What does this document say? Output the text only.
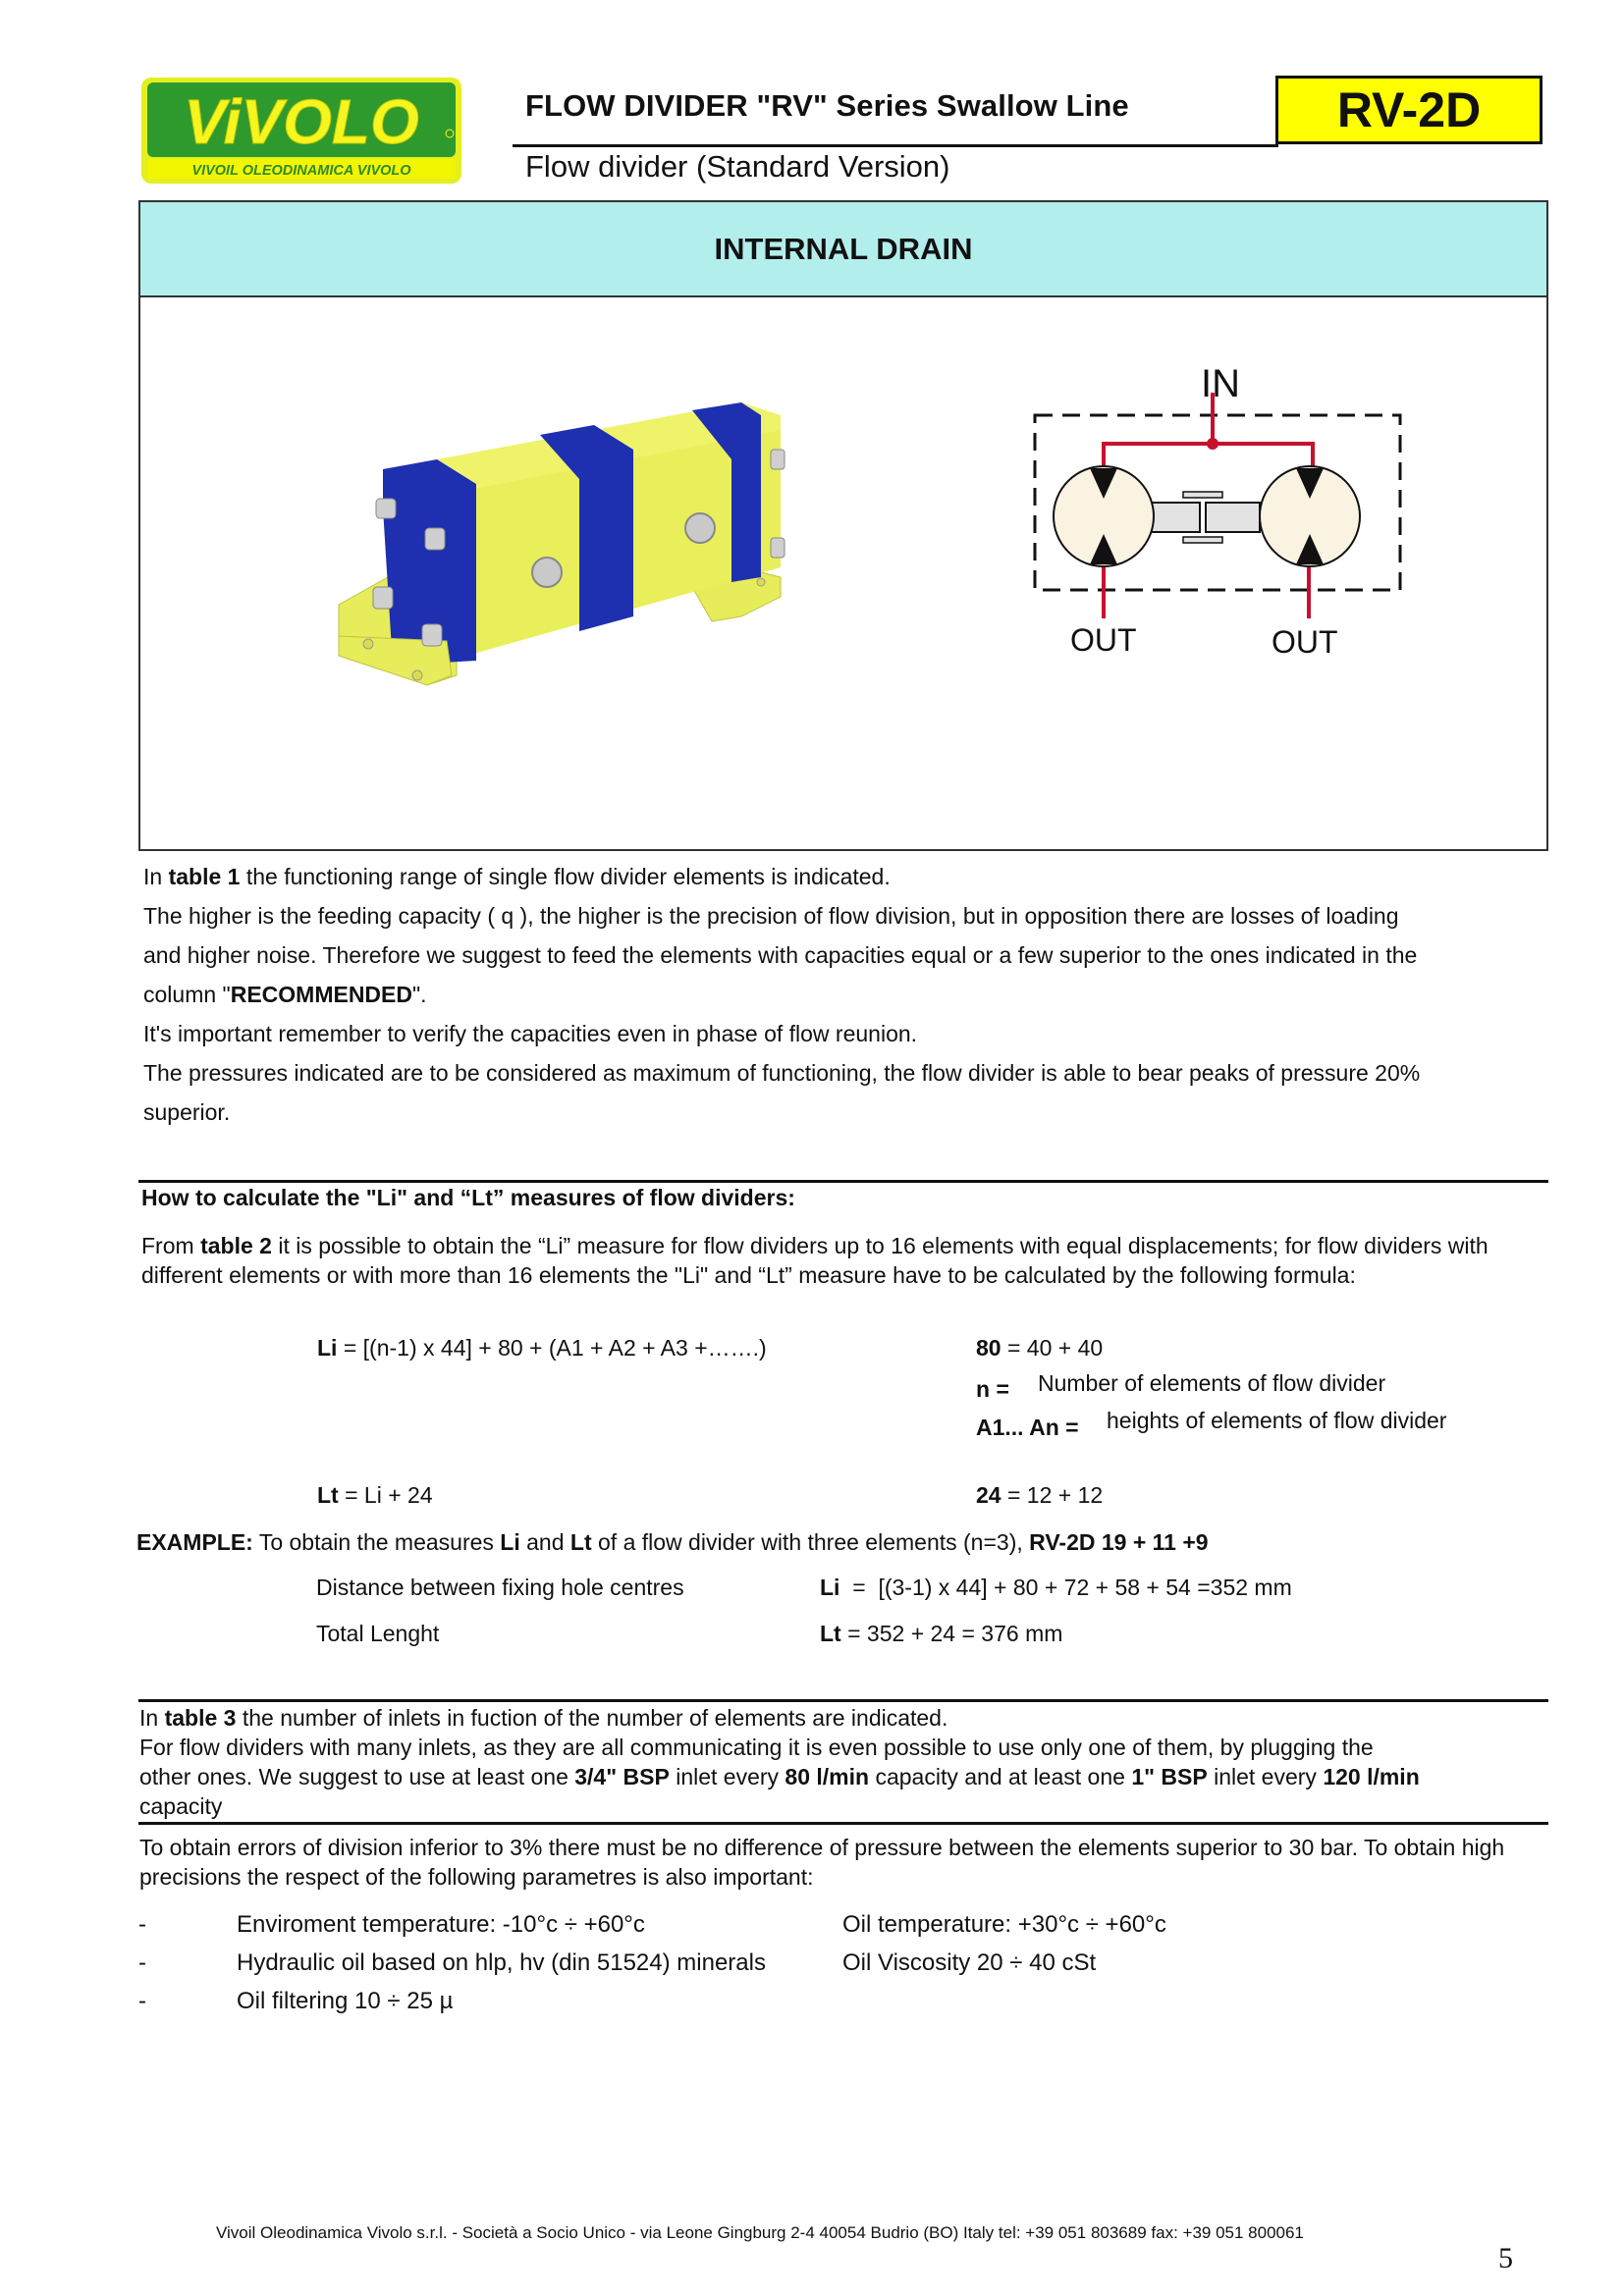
ViVOLO
VIVOIL OLEODINAMICA VIVOLO
FLOW DIVIDER "RV" Series Swallow Line
Flow divider (Standard Version)
RV-2D
INTERNAL DRAIN
IN
OUT	OUT
In table 1 the functioning range of single flow divider elements is indicated.
The higher is the feeding capacity ( q ), the higher is the precision of flow division, but in opposition there are losses of loading
and higher noise. Therefore we suggest to feed the elements with capacities equal or a few superior to the ones indicated in the
column "RECOMMENDED".
It's important remember to verify the capacities even in phase of flow reunion.
The pressures indicated are to be considered as maximum of functioning, the flow divider is able to bear peaks of pressure 20%
superior.
How to calculate the "Li" and “Lt” measures of flow dividers:
From table 2 it is possible to obtain the “Li” measure for flow dividers up to 16 elements with equal displacements; for flow dividers with different elements or with more than 16 elements the "Li" and “Lt” measure have to be calculated by the following formula:
Li = [(n-1) x 44] + 80 + (A1 + A2 + A3 +…….)	80 = 40 + 40
n = Number of elements of flow divider
A1... An = heights of elements of flow divider
Lt = Li + 24	24 = 12 + 12
EXAMPLE: To obtain the measures Li and Lt of a flow divider with three elements (n=3), RV-2D 19 + 11 +9
Distance between fixing hole centres	Li  =  [(3-1) x 44] + 80 + 72 + 58 + 54 =352 mm
Total Lenght	Lt = 352 + 24 = 376 mm
In table 3 the number of inlets in fuction of the number of elements are indicated.
For flow dividers with many inlets, as they are all communicating it is even possible to use only one of them, by plugging the
other ones. We suggest to use at least one 3/4" BSP inlet every 80 l/min capacity and at least one 1" BSP inlet every 120 l/min
capacity
To obtain errors of division inferior to 3% there must be no difference of pressure between the elements superior to 30 bar. To obtain high precisions the respect of the following parametres is also important:
-	Enviroment temperature: -10°c ÷ +60°c	Oil temperature: +30°c ÷ +60°c
-	Hydraulic oil based on hlp, hv (din 51524) minerals	Oil Viscosity 20 ÷ 40 cSt
-	Oil filtering 10 ÷ 25 µ
Vivoil Oleodinamica Vivolo s.r.l. - Società a Socio Unico - via Leone Gingburg 2-4 40054 Budrio (BO) Italy tel: +39 051 803689 fax: +39 051 800061
5
